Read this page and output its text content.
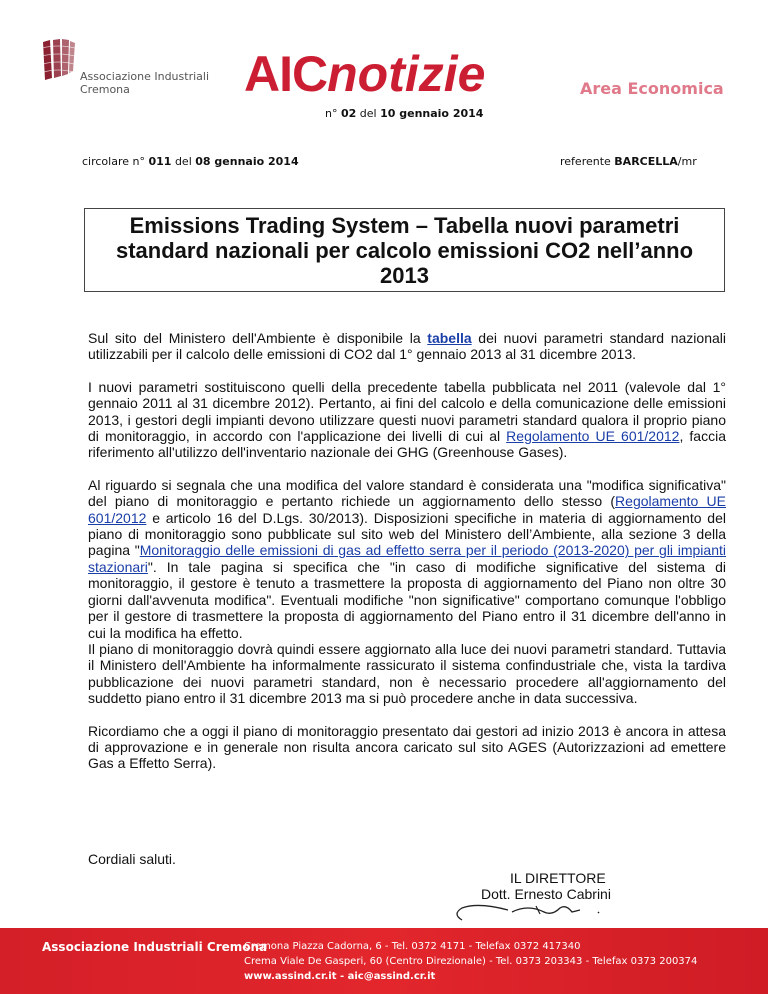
Associazione Industriali
Cremona	AICnotizie	Area Economica
n° 02 del 10 gennaio 2014
circolare n° 011 del 08 gennaio 2014	referente BARCELLA/mr
Emissions Trading System – Tabella nuovi parametri standard nazionali per calcolo emissioni CO2 nell’anno 2013

Sul sito del Ministero dell'Ambiente è disponibile la tabella dei nuovi parametri standard nazionali utilizzabili per il calcolo delle emissioni di CO2 dal 1° gennaio 2013 al 31 dicembre 2013.

I nuovi parametri sostituiscono quelli della precedente tabella pubblicata nel 2011 (valevole dal 1° gennaio 2011 al 31 dicembre 2012). Pertanto, ai fini del calcolo e della comunicazione delle emissioni 2013, i gestori degli impianti devono utilizzare questi nuovi parametri standard qualora il proprio piano di monitoraggio, in accordo con l'applicazione dei livelli di cui al Regolamento UE 601/2012, faccia riferimento all'utilizzo dell'inventario nazionale dei GHG (Greenhouse Gases).

Al riguardo si segnala che una modifica del valore standard è considerata una "modifica significativa" del piano di monitoraggio e pertanto richiede un aggiornamento dello stesso (Regolamento UE 601/2012 e articolo 16 del D.Lgs. 30/2013). Disposizioni specifiche in materia di aggiornamento del piano di monitoraggio sono pubblicate sul sito web del Ministero dell’Ambiente, alla sezione 3 della pagina "Monitoraggio delle emissioni di gas ad effetto serra per il periodo (2013-2020) per gli impianti stazionari". In tale pagina si specifica che "in caso di modifiche significative del sistema di monitoraggio, il gestore è tenuto a trasmettere la proposta di aggiornamento del Piano non oltre 30 giorni dall'avvenuta modifica". Eventuali modifiche "non significative" comportano comunque l'obbligo per il gestore di trasmettere la proposta di aggiornamento del Piano entro il 31 dicembre dell'anno in cui la modifica ha effetto.

Il piano di monitoraggio dovrà quindi essere aggiornato alla luce dei nuovi parametri standard. Tuttavia il Ministero dell'Ambiente ha informalmente rassicurato il sistema confindustriale che, vista la tardiva pubblicazione dei nuovi parametri standard, non è necessario procedere all'aggiornamento del suddetto piano entro il 31 dicembre 2013 ma si può procedere anche in data successiva.

Ricordiamo che a oggi il piano di monitoraggio presentato dai gestori ad inizio 2013 è ancora in attesa di approvazione e in generale non risulta ancora caricato sul sito AGES (Autorizzazioni ad emettere Gas a Effetto Serra).

Cordiali saluti.
IL DIRETTORE
Dott. Ernesto Cabrini
Associazione Industriali Cremona
Cremona Piazza Cadorna, 6 - Tel. 0372 4171 - Telefax 0372 417340
Crema Viale De Gasperi, 60 (Centro Direzionale) - Tel. 0373 203343 - Telefax 0373 200374
www.assind.cr.it - aic@assind.cr.it
